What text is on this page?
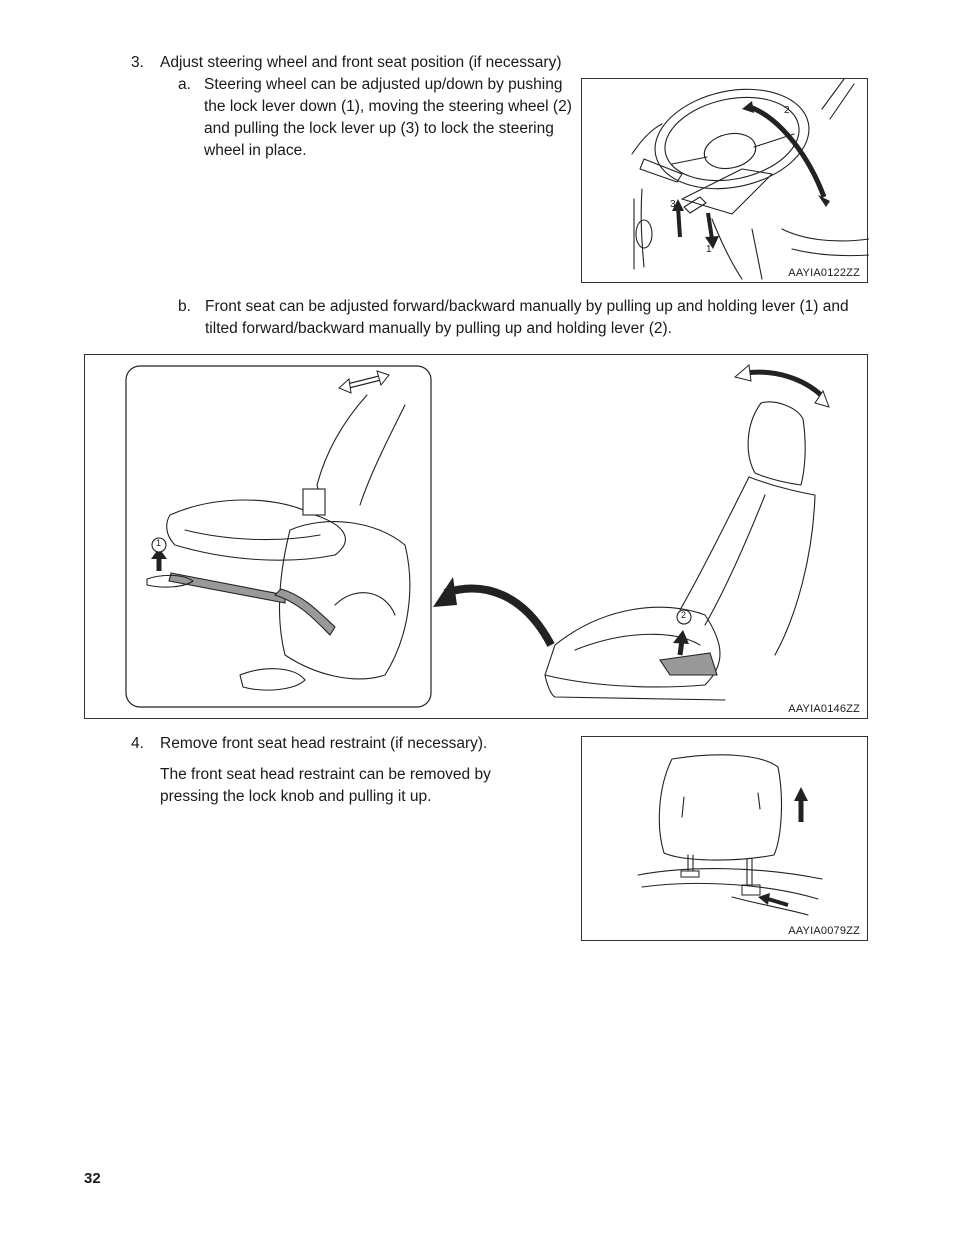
3. Adjust steering wheel and front seat position (if necessary)
a. Steering wheel can be adjusted up/down by pushing the lock lever down (1), moving the steering wheel (2) and pulling the lock lever up (3) to lock the steering wheel in place.
2
3
1
AAYIA0122ZZ
b. Front seat can be adjusted forward/backward manually by pulling up and holding lever (1) and tilted forward/backward manually by pulling up and holding lever (2).
1
2
AAYIA0146ZZ
4. Remove front seat head restraint (if necessary).
The front seat head restraint can be removed by pressing the lock knob and pulling it up.
AAYIA0079ZZ
32
